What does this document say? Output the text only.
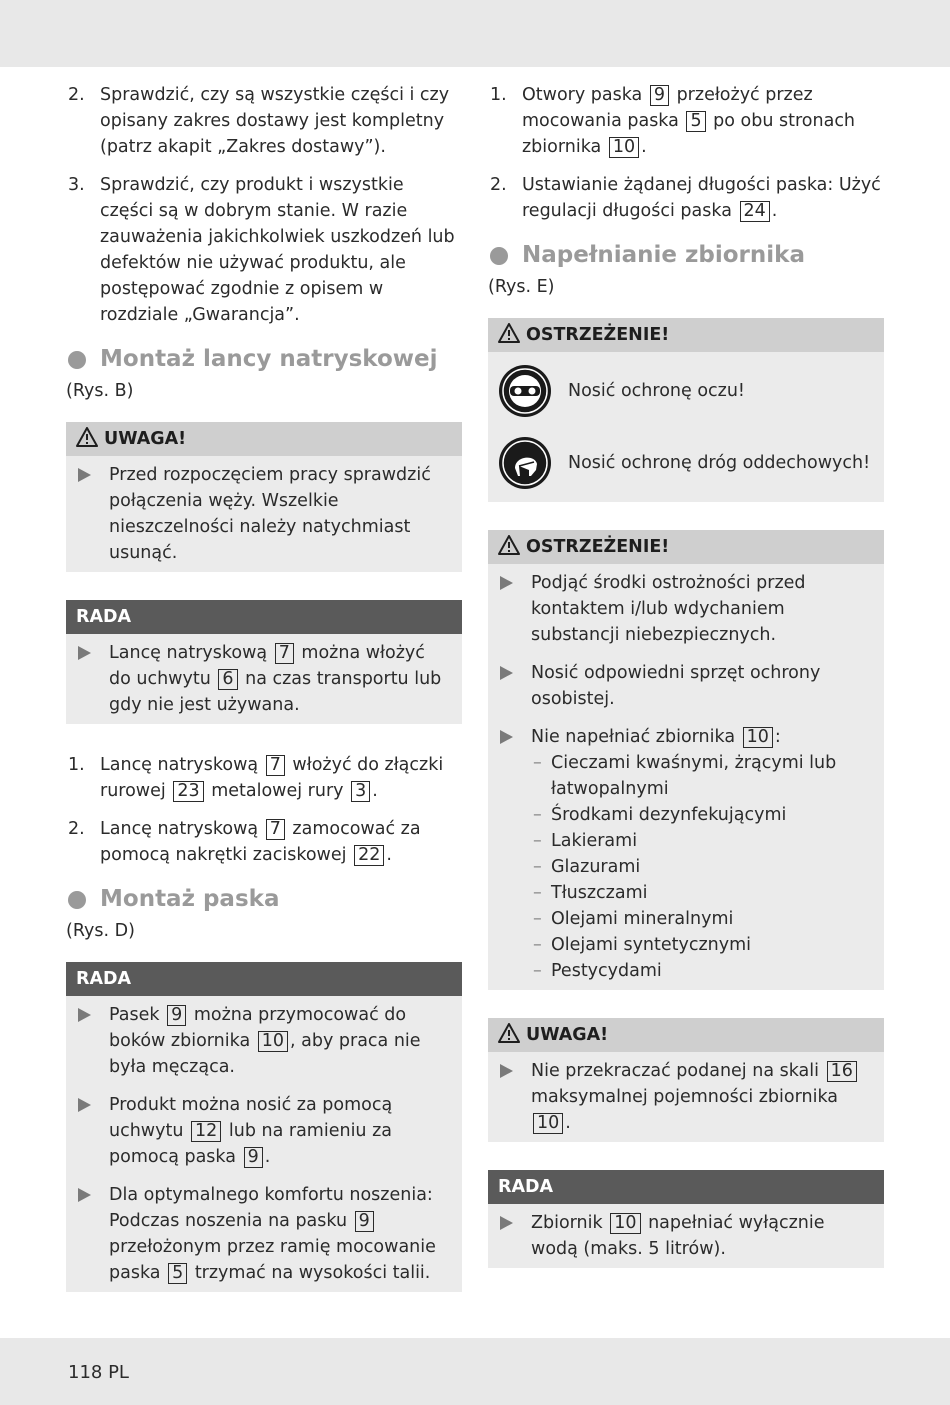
2. Sprawdzić, czy są wszystkie części i czy opisany zakres dostawy jest kompletny (patrz akapit „Zakres dostawy”).
3. Sprawdzić, czy produkt i wszystkie części są w dobrym stanie. W razie zauważenia jakichkolwiek uszkodzeń lub defektów nie używać produktu, ale postępować zgodnie z opisem w rozdziale „Gwarancja”.
Montaż lancy natryskowej
(Rys. B)
UWAGA!
Przed rozpoczęciem pracy sprawdzić połączenia węży. Wszelkie nieszczelności należy natychmiast usunąć.
RADA
Lancę natryskową 7 można włożyć do uchwytu 6 na czas transportu lub gdy nie jest używana.
1. Lancę natryskową 7 włożyć do złączki rurowej 23 metalowej rury 3 .
2. Lancę natryskową 7 zamocować za pomocą nakrętki zaciskowej 22 .
Montaż paska
(Rys. D)
RADA
Pasek 9 można przymocować do boków zbiornika 10 , aby praca nie była męcząca.
Produkt można nosić za pomocą uchwytu 12 lub na ramieniu za pomocą paska 9 .
Dla optymalnego komfortu noszenia: Podczas noszenia na pasku 9 przełożonym przez ramię mocowanie paska 5 trzymać na wysokości talii.
1. Otwory paska 9 przełożyć przez mocowania paska 5 po obu stronach zbiornika 10 .
2. Ustawianie żądanej długości paska: Użyć regulacji długości paska 24 .
Napełnianie zbiornika
(Rys. E)
OSTRZEŻENIE!
Nosić ochronę oczu!
Nosić ochronę dróg oddechowych!
OSTRZEŻENIE!
Podjąć środki ostrożności przed kontaktem i/lub wdychaniem substancji niebezpiecznych.
Nosić odpowiedni sprzęt ochrony osobistej.
Nie napełniać zbiornika 10 :
– Cieczami kwaśnymi, żrącymi lub łatwopalnymi
– Środkami dezynfekującymi
– Lakierami
– Glazurami
– Tłuszczami
– Olejami mineralnymi
– Olejami syntetycznymi
– Pestycydami
UWAGA!
Nie przekraczać podanej na skali 16 maksymalnej pojemności zbiornika 10 .
RADA
Zbiornik 10 napełniać wyłącznie wodą (maks. 5 litrów).
118 PL
